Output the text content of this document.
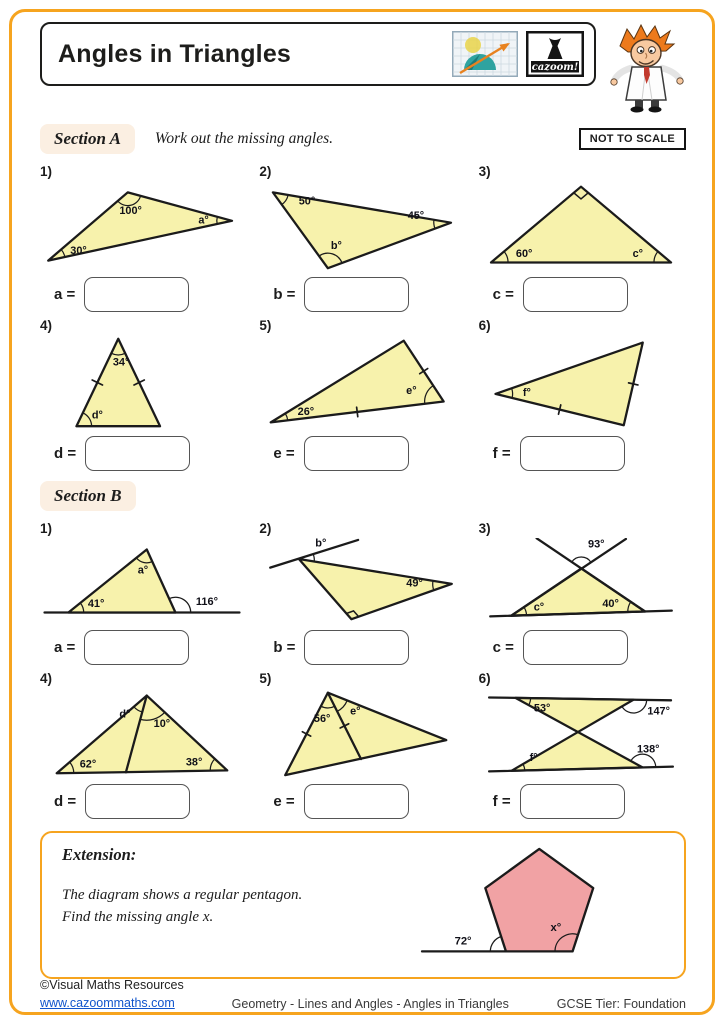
Angles in Triangles	cazoom!
Section A	Work out the missing angles.	NOT TO SCALE
1)
100°
a°
30°
a =
2)
50°
45°
b°
b =
3)
60°	c°
c =
4)
34°
d°
d =
5)
26°
e°
e =
6)
f°
f =
Section B
1)
41°
a°
116°
a =
2)
b°
49°
b =
3)
93°
c°	40°
c =
4)
d°
10°
62°	38°
d =
5)
56°
e°
e =
6)
53°	147°
f°
138°
f =
Extension:
The diagram shows a regular pentagon.
Find the missing angle x.
72°
x°
©Visual Maths Resources
www.cazoommaths.com	Geometry - Lines and Angles - Angles in Triangles	GCSE Tier: Foundation
